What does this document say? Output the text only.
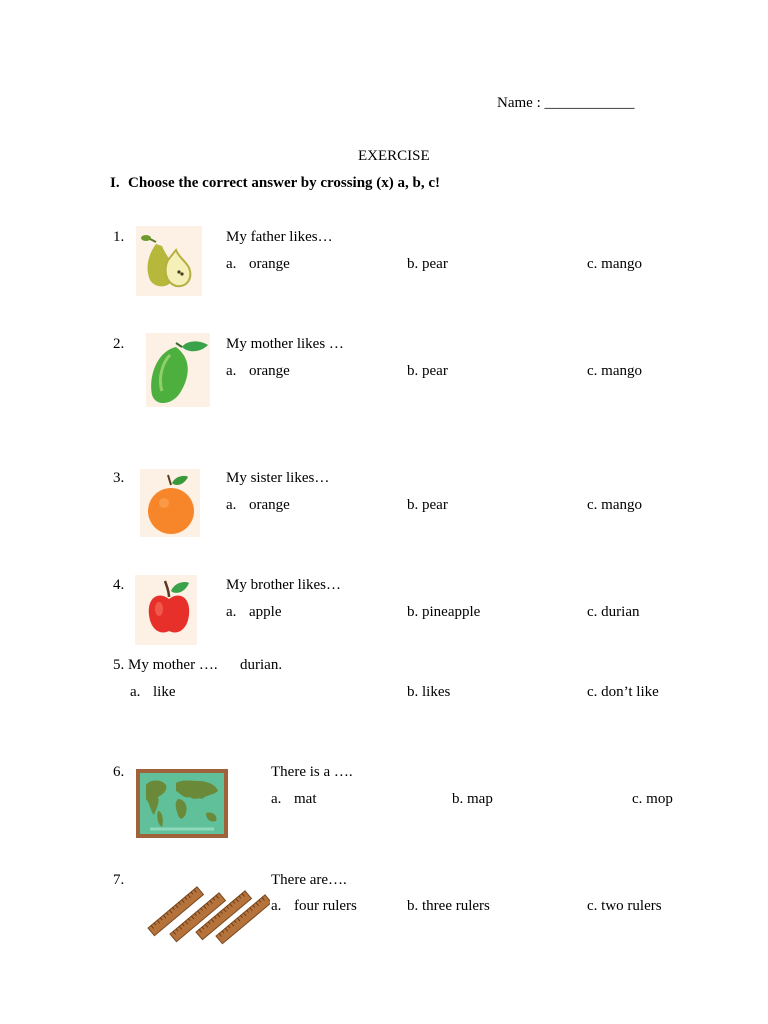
Name : ____________
EXERCISE
I. Choose the correct answer by crossing (x) a, b, c!
1.	My father likes…
a. orange	b. pear	c. mango
2.	My mother likes …
a. orange	b. pear	c. mango
3.	My sister likes…
a. orange	b. pear	c. mango
4.	My brother likes…
a. apple	b. pineapple	c. durian
5. My mother …. durian.
a. like	b. likes	c. don’t like
6.	There is a ….
a. mat	b. map	c. mop
7.	There are….
a. four rulers	b. three rulers	c. two rulers
